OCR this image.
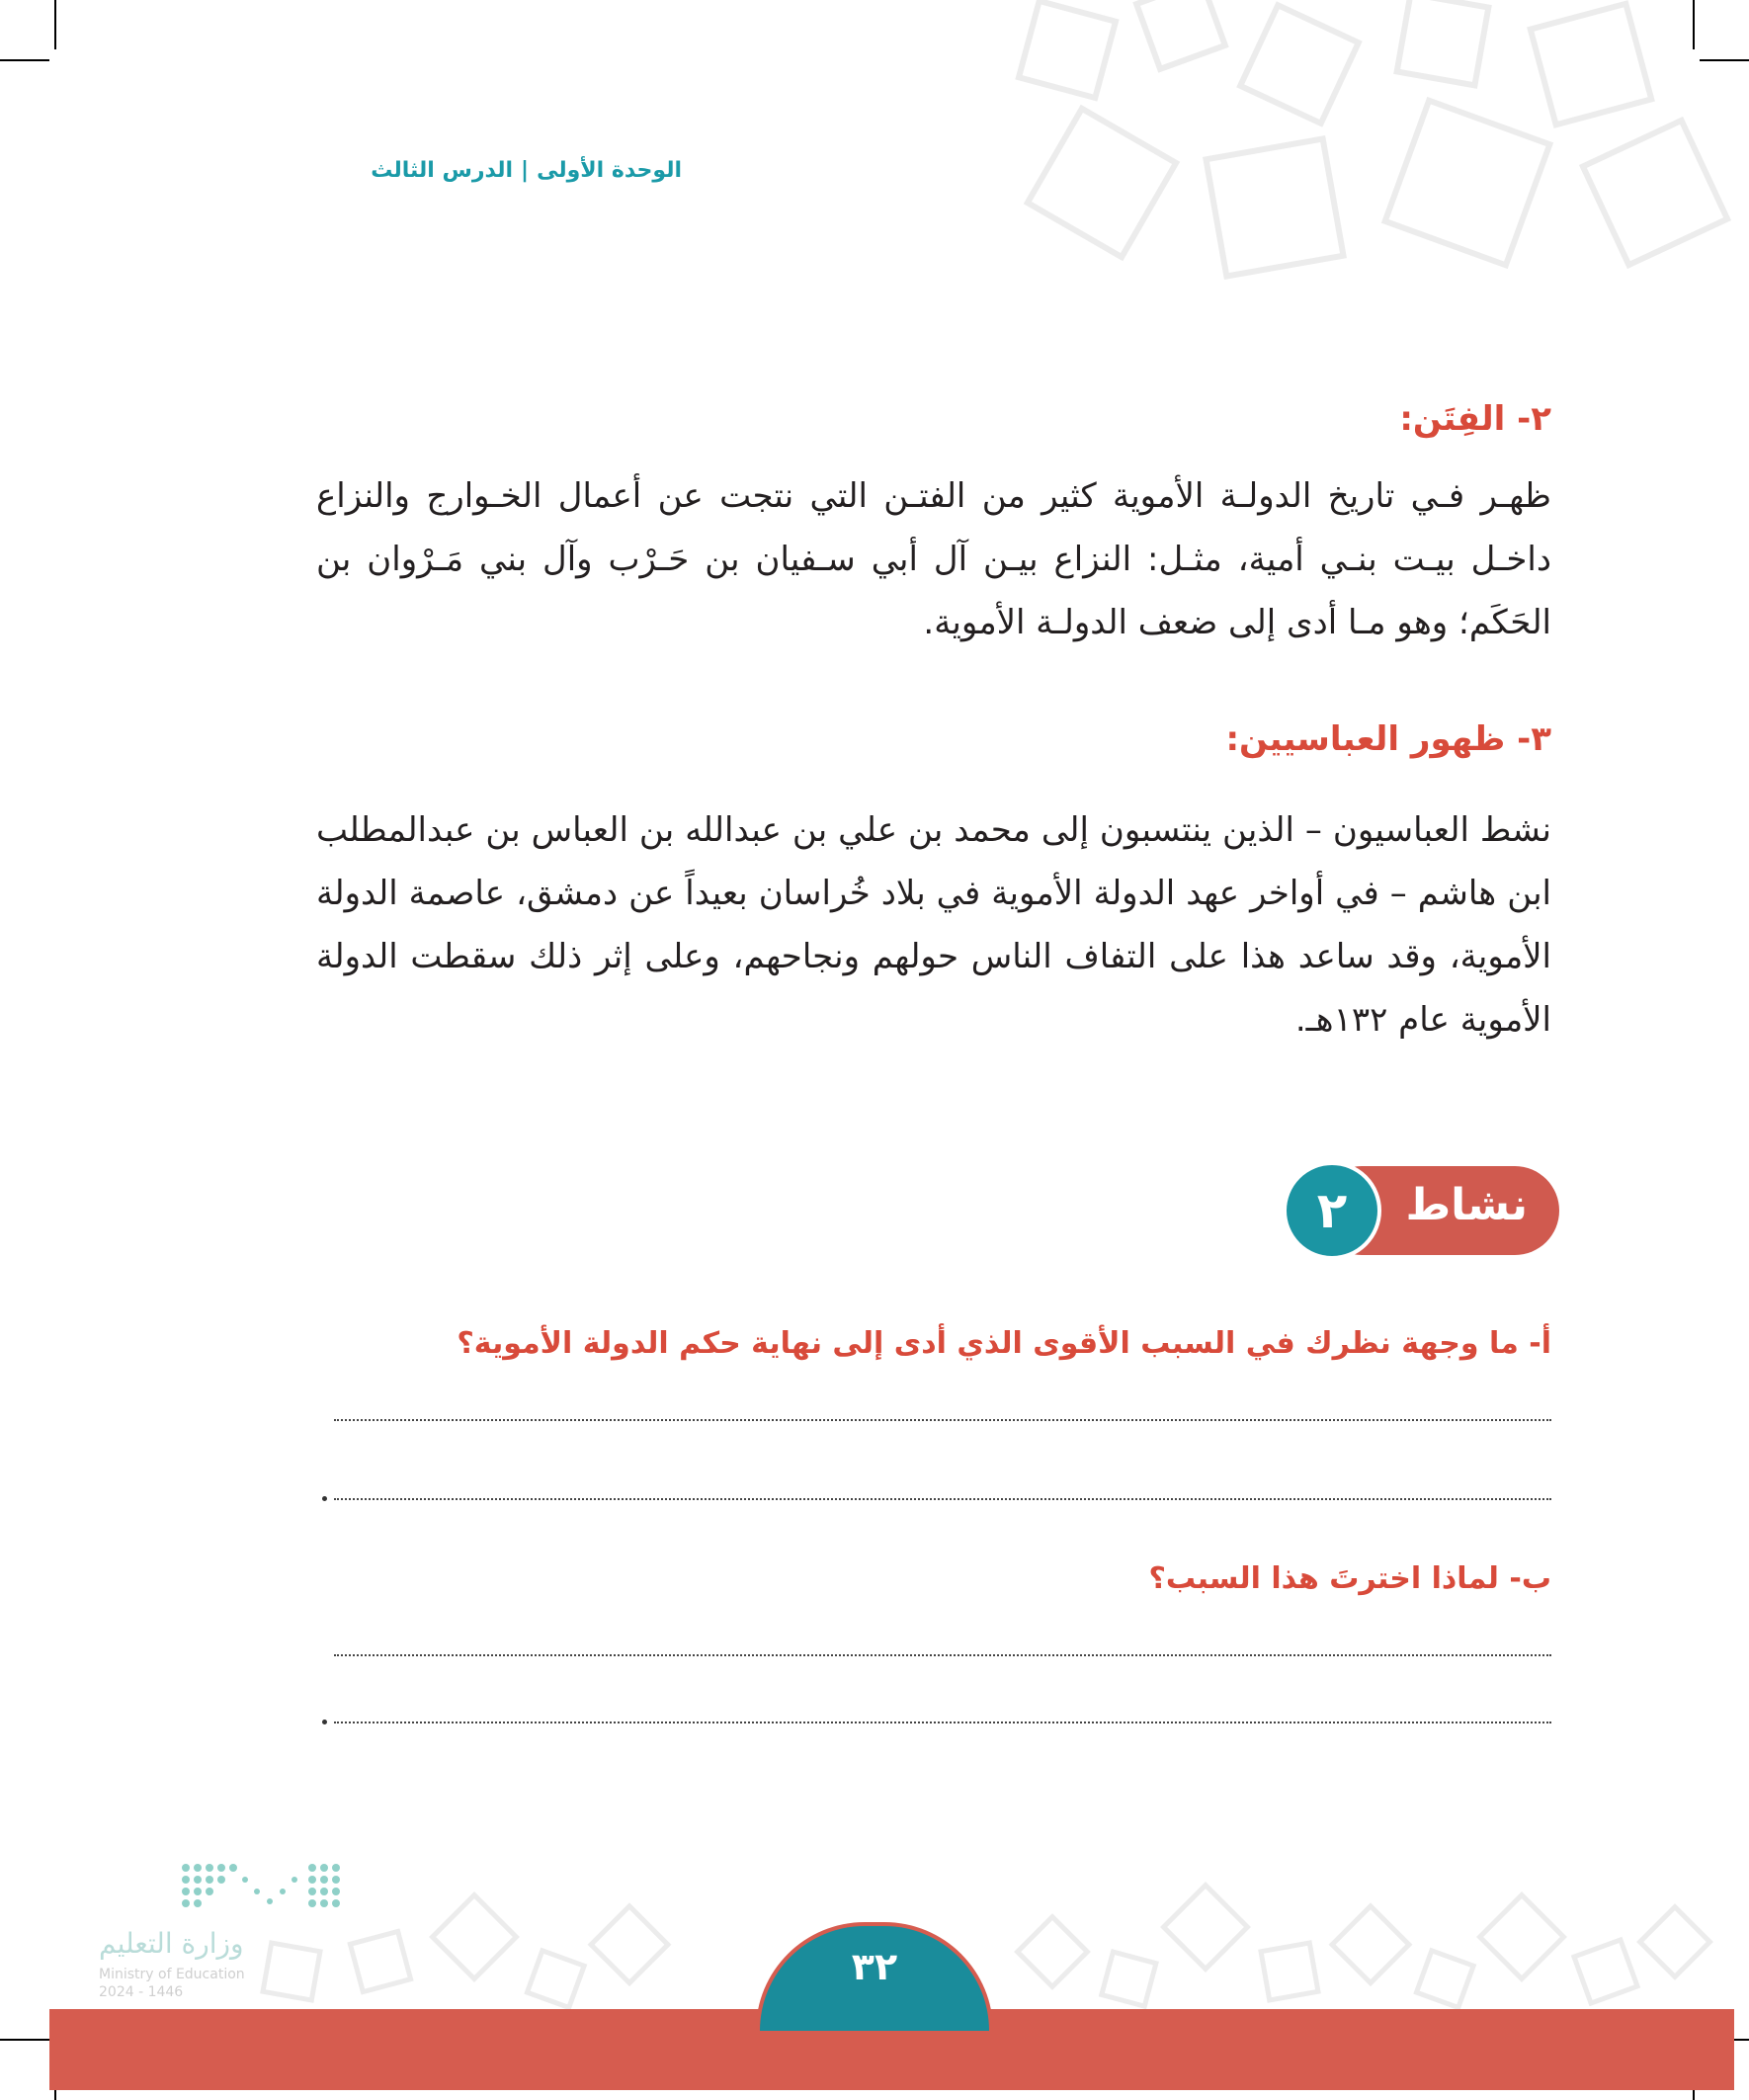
الوحدة الأولى|الدرس الثالث
٢- الفِتَن:
ظهـر فـي تاريخ الدولـة الأموية كثير من الفتـن التي نتجت عن أعمال الخـوارج والنزاع داخـل بيـت بنـي أمية، مثـل: النزاع بيـن آل أبي سـفيان بن حَـرْب وآل بني مَـرْوان بن الحَكَم؛ وهو مـا أدى إلى ضعف الدولـة الأموية.
٣- ظهور العباسيين:
نشط العباسيون – الذين ينتسبون إلى محمد بن علي بن عبدالله بن العباس بن عبدالمطلب ابن هاشم – في أواخر عهد الدولة الأموية في بلاد خُراسان بعيداً عن دمشق، عاصمة الدولة الأموية، وقد ساعد هذا على التفاف الناس حولهم ونجاحهم، وعلى إثر ذلك سقطت الدولة الأموية عام ١٣٢هـ.
نشاط
٢
أ- ما وجهة نظرك في السبب الأقوى الذي أدى إلى نهاية حكم الدولة الأموية؟
ب- لماذا اخترتَ هذا السبب؟
وزارة التعليم
Ministry of Education
2024 - 1446
٣٢
